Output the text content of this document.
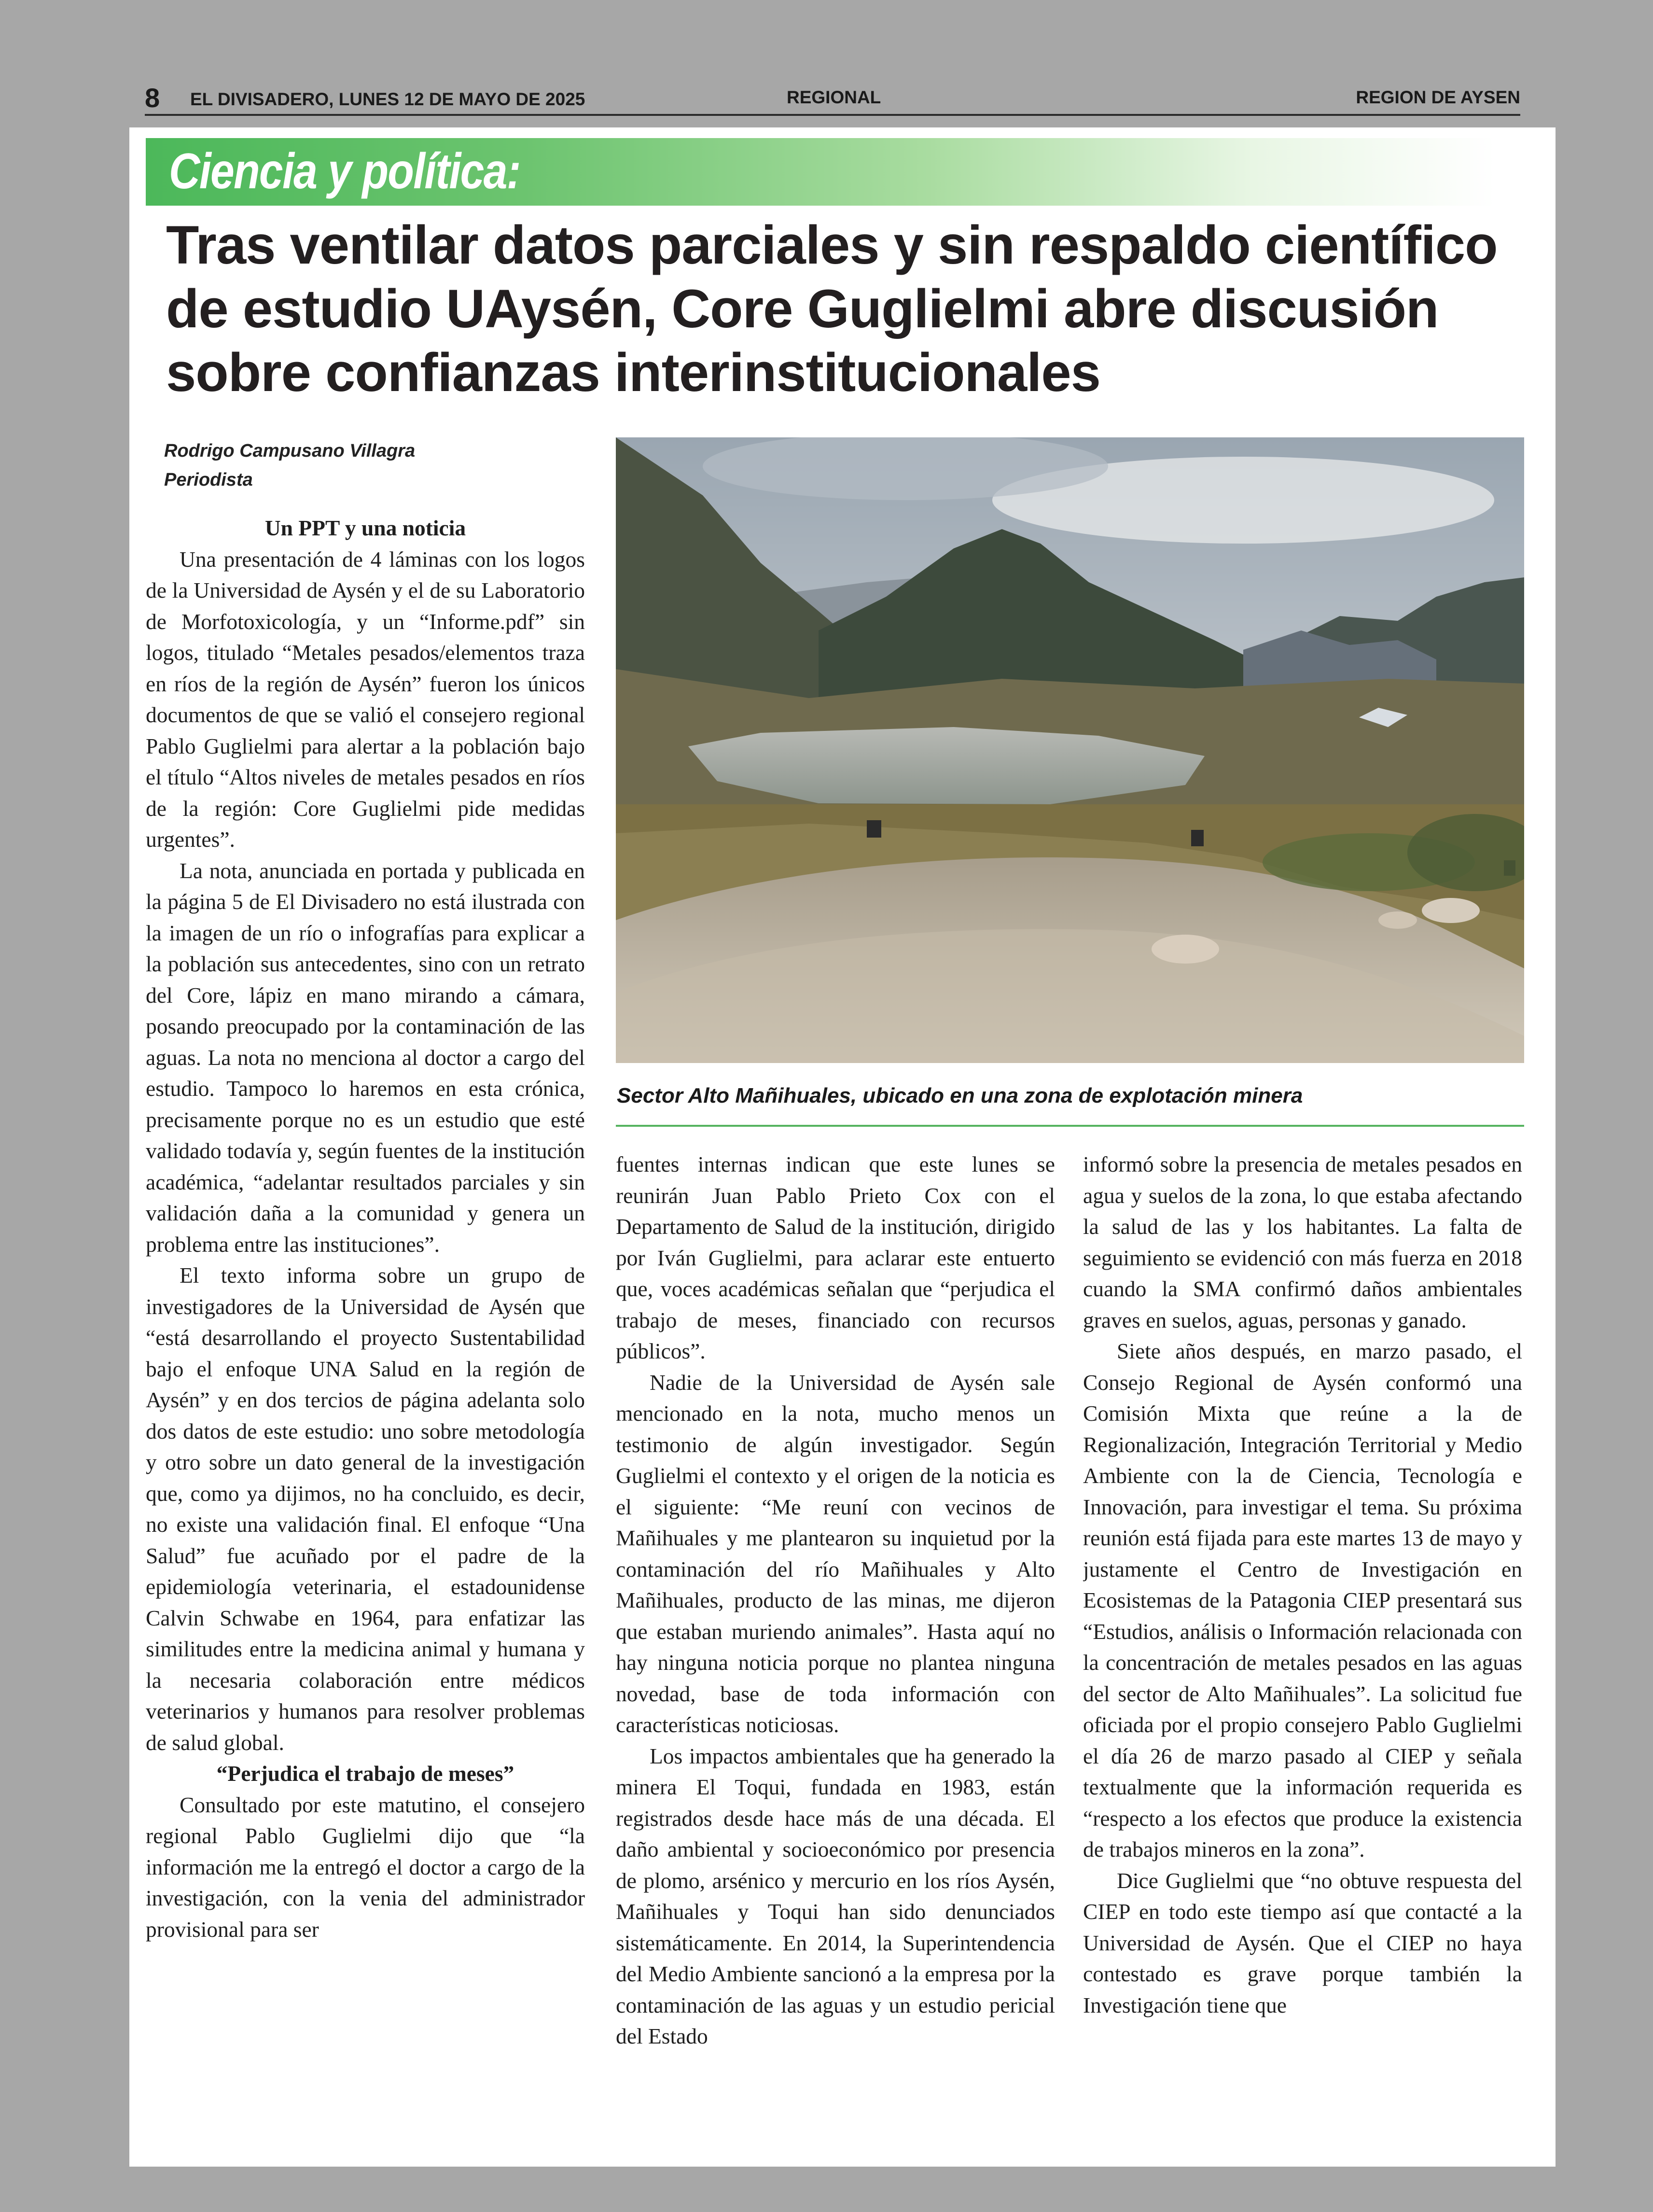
8 EL DIVISADERO, LUNES 12 DE MAYO DE 2025	REGIONAL	REGION DE AYSEN
Ciencia y política:
Tras ventilar datos parciales y sin respaldo científico de estudio UAysén, Core Guglielmi abre discusión sobre confianzas interinstitucionales
Rodrigo Campusano Villagra
Periodista
Sector Alto Mañihuales, ubicado en una zona de explotación minera
Un PPT y una noticia

Una presentación de 4 láminas con los logos de la Universidad de Aysén y el de su Laboratorio de Morfotoxicología, y un “Informe.pdf” sin logos, titulado “Metales pesados/elementos traza en ríos de la región de Aysén” fueron los únicos documentos de que se valió el consejero regional Pablo Guglielmi para alertar a la población bajo el título “Altos niveles de metales pesados en ríos de la región: Core Guglielmi pide medidas urgentes”.

La nota, anunciada en portada y publicada en la página 5 de El Divisadero no está ilustrada con la imagen de un río o infografías para explicar a la población sus antecedentes, sino con un retrato del Core, lápiz en mano mirando a cámara, posando preocupado por la contaminación de las aguas. La nota no menciona al doctor a cargo del estudio. Tampoco lo haremos en esta crónica, precisamente porque no es un estudio que esté validado todavía y, según fuentes de la institución académica, “adelantar resultados parciales y sin validación daña a la comunidad y genera un problema entre las instituciones”.

El texto informa sobre un grupo de investigadores de la Universidad de Aysén que “está desarrollando el proyecto Sustentabilidad bajo el enfoque UNA Salud en la región de Aysén” y en dos tercios de página adelanta solo dos datos de este estudio: uno sobre metodología y otro sobre un dato general de la investigación que, como ya dijimos, no ha concluido, es decir, no existe una validación final. El enfoque “Una Salud” fue acuñado por el padre de la epidemiología veterinaria, el estadounidense Calvin Schwabe en 1964, para enfatizar las similitudes entre la medicina animal y humana y la necesaria colaboración entre médicos veterinarios y humanos para resolver problemas de salud global.

“Perjudica el trabajo de meses”

Consultado por este matutino, el consejero regional Pablo Guglielmi dijo que “la información me la entregó el doctor a cargo de la investigación, con la venia del administrador provisional para ser

fuentes internas indican que este lunes se reunirán Juan Pablo Prieto Cox con el Departamento de Salud de la institución, dirigido por Iván Guglielmi, para aclarar este entuerto que, voces académicas señalan que “perjudica el trabajo de meses, financiado con recursos públicos”.

Nadie de la Universidad de Aysén sale mencionado en la nota, mucho menos un testimonio de algún investigador. Según Guglielmi el contexto y el origen de la noticia es el siguiente: “Me reuní con vecinos de Mañihuales y me plantearon su inquietud por la contaminación del río Mañihuales y Alto Mañihuales, producto de las minas, me dijeron que estaban muriendo animales”. Hasta aquí no hay ninguna noticia porque no plantea ninguna novedad, base de toda información con características noticiosas.

Los impactos ambientales que ha generado la minera El Toqui, fundada en 1983, están registrados desde hace más de una década. El daño ambiental y socioeconómico por presencia de plomo, arsénico y mercurio en los ríos Aysén, Mañihuales y Toqui han sido denunciados sistemáticamente. En 2014, la Superintendencia del Medio Ambiente sancionó a la empresa por la contaminación de las aguas y un estudio pericial del Estado

informó sobre la presencia de metales pesados en agua y suelos de la zona, lo que estaba afectando la salud de las y los habitantes. La falta de seguimiento se evidenció con más fuerza en 2018 cuando la SMA confirmó daños ambientales graves en suelos, aguas, personas y ganado.

Siete años después, en marzo pasado, el Consejo Regional de Aysén conformó una Comisión Mixta que reúne a la de Regionalización, Integración Territorial y Medio Ambiente con la de Ciencia, Tecnología e Innovación, para investigar el tema. Su próxima reunión está fijada para este martes 13 de mayo y justamente el Centro de Investigación en Ecosistemas de la Patagonia CIEP presentará sus “Estudios, análisis o Información relacionada con la concentración de metales pesados en las aguas del sector de Alto Mañihuales”. La solicitud fue oficiada por el propio consejero Pablo Guglielmi el día 26 de marzo pasado al CIEP y señala textualmente que la información requerida es “respecto a los efectos que produce la existencia de trabajos mineros en la zona”.

Dice Guglielmi que “no obtuve respuesta del CIEP en todo este tiempo así que contacté a la Universidad de Aysén. Que el CIEP no haya contestado es grave porque también la Investigación tiene que
